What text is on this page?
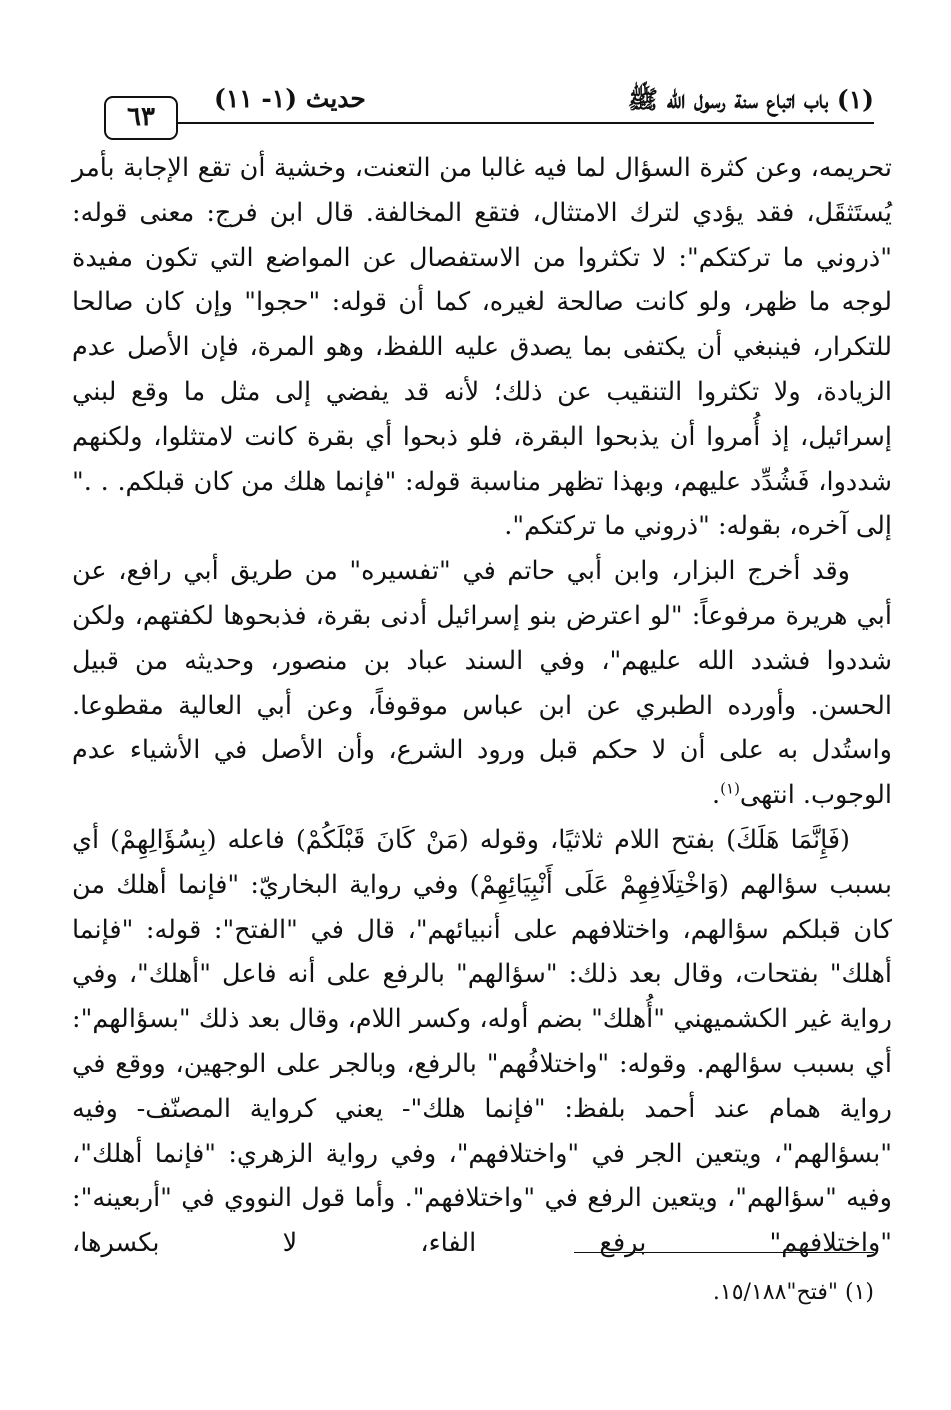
(١) باب اتباع سنة رسول الله ﷺ
حديث (١- ١١)
٦٣

تحريمه، وعن كثرة السؤال لما فيه غالبا من التعنت، وخشية أن تقع الإجابة بأمر يُستَثقَل، فقد يؤدي لترك الامتثال، فتقع المخالفة. قال ابن فرج: معنى قوله: "ذروني ما تركتكم": لا تكثروا من الاستفصال عن المواضع التي تكون مفيدة لوجه ما ظهر، ولو كانت صالحة لغيره، كما أن قوله: "حجوا" وإن كان صالحا للتكرار، فينبغي أن يكتفى بما يصدق عليه اللفظ، وهو المرة، فإن الأصل عدم الزيادة، ولا تكثروا التنقيب عن ذلك؛ لأنه قد يفضي إلى مثل ما وقع لبني إسرائيل، إذ أُمروا أن يذبحوا البقرة، فلو ذبحوا أي بقرة كانت لامتثلوا، ولكنهم شددوا، فَشُدِّد عليهم، وبهذا تظهر مناسبة قوله: "فإنما هلك من كان قبلكم. . ." إلى آخره، بقوله: "ذروني ما تركتكم".

وقد أخرج البزار، وابن أبي حاتم في "تفسيره" من طريق أبي رافع، عن أبي هريرة مرفوعاً: "لو اعترض بنو إسرائيل أدنى بقرة، فذبحوها لكفتهم، ولكن شددوا فشدد الله عليهم"، وفي السند عباد بن منصور، وحديثه من قبيل الحسن. وأورده الطبري عن ابن عباس موقوفاً، وعن أبي العالية مقطوعا. واستُدل به على أن لا حكم قبل ورود الشرع، وأن الأصل في الأشياء عدم الوجوب. انتهى$^{(١)}$.

(فَإِنَّمَا هَلَكَ) بفتح اللام ثلاثيًا، وقوله (مَنْ كَانَ قَبْلَكُمْ) فاعله (بِسُؤَالِهِمْ) أي بسبب سؤالهم (وَاخْتِلَافِهِمْ عَلَى أَنْبِيَائِهِمْ) وفي رواية البخاريّ: "فإنما أهلك من كان قبلكم سؤالهم، واختلافهم على أنبيائهم"، قال في "الفتح": قوله: "فإنما أهلك" بفتحات، وقال بعد ذلك: "سؤالهم" بالرفع على أنه فاعل "أهلك"، وفي رواية غير الكشميهني "أُهلك" بضم أوله، وكسر اللام، وقال بعد ذلك "بسؤالهم": أي بسبب سؤالهم. وقوله: "واختلافُهم" بالرفع، وبالجر على الوجهين، ووقع في رواية همام عند أحمد بلفظ: "فإنما هلك"- يعني كرواية المصنّف- وفيه "بسؤالهم"، ويتعين الجر في "واختلافهم"، وفي رواية الزهري: "فإنما أهلك"، وفيه "سؤالهم"، ويتعين الرفع في "واختلافهم". وأما قول النووي في "أربعينه": "واختلافهم" برفع الفاء، لا بكسرها،

(١) "فتح"١٥/١٨٨.
